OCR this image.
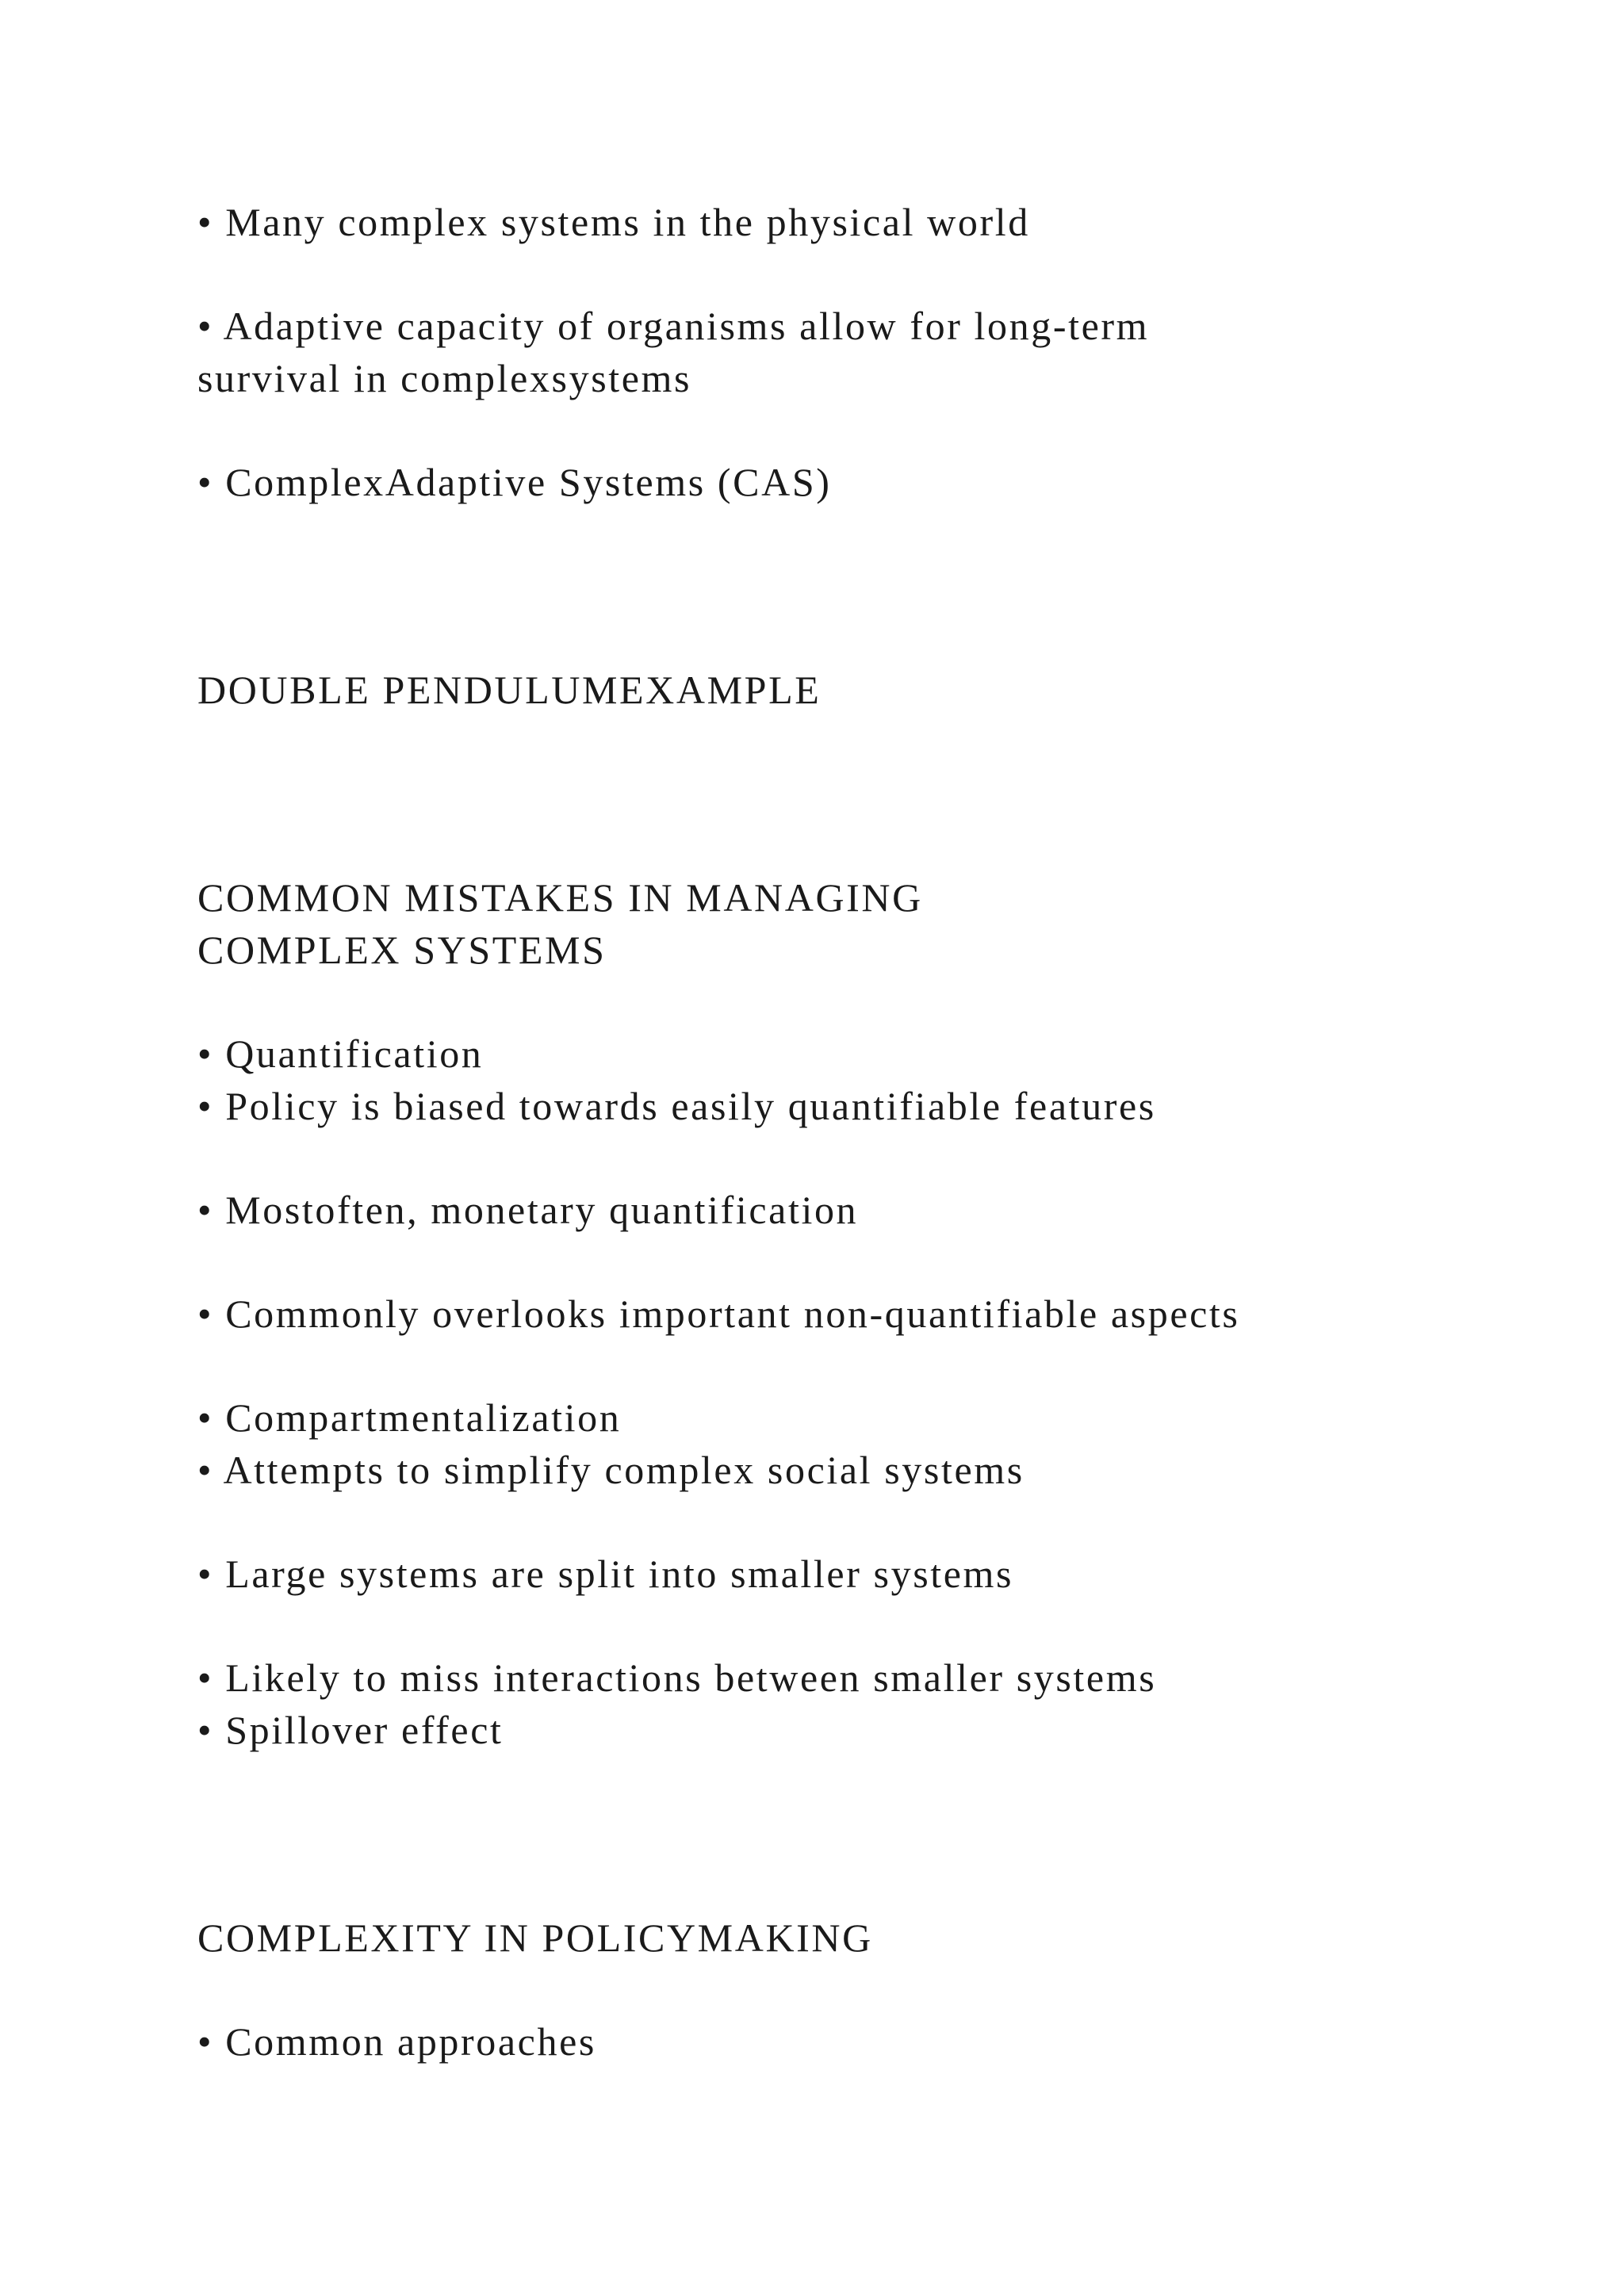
• Many complex systems in the physical world

• Adaptive capacity of organisms allow for long-term

survival in complexsystems

• ComplexAdaptive Systems (CAS)

DOUBLE PENDULUMEXAMPLE

COMMON MISTAKES IN MANAGING

COMPLEX SYSTEMS

• Quantification

• Policy is biased towards easily quantifiable features

• Mostoften, monetary quantification

• Commonly overlooks important non-quantifiable aspects

• Compartmentalization

• Attempts to simplify complex social systems

• Large systems are split into smaller systems

• Likely to miss interactions between smaller systems

• Spillover effect

COMPLEXITY IN POLICYMAKING

• Common approaches
